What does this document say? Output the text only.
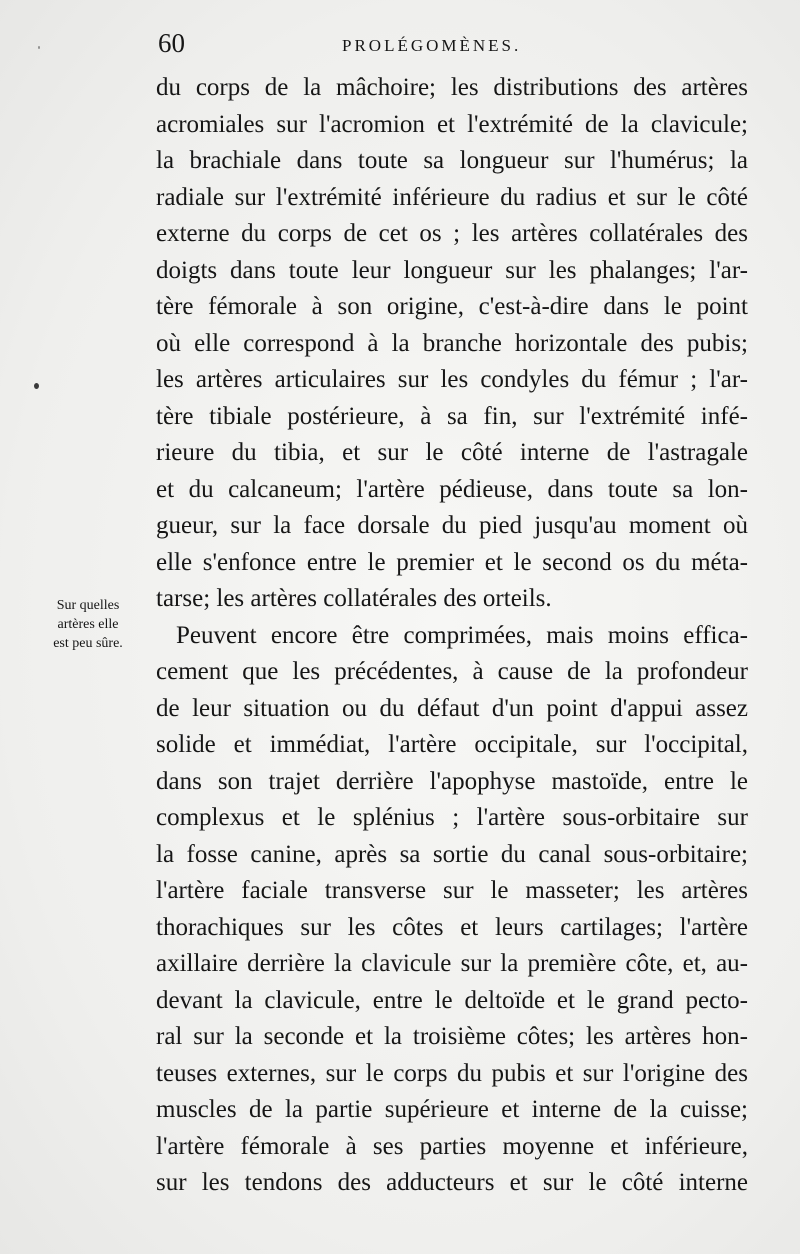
60	PROLÉGOMÈNES.
Sur quelles
artères elle
est peu sûre.
du corps de la mâchoire; les distributions des artères
acromiales sur l'acromion et l'extrémité de la clavicule;
la brachiale dans toute sa longueur sur l'humérus; la
radiale sur l'extrémité inférieure du radius et sur le côté
externe du corps de cet os ; les artères collatérales des
doigts dans toute leur longueur sur les phalanges; l'ar-
tère fémorale à son origine, c'est-à-dire dans le point
où elle correspond à la branche horizontale des pubis;
les artères articulaires sur les condyles du fémur ; l'ar-
tère tibiale postérieure, à sa fin, sur l'extrémité infé-
rieure du tibia, et sur le côté interne de l'astragale
et du calcaneum; l'artère pédieuse, dans toute sa lon-
gueur, sur la face dorsale du pied jusqu'au moment où
elle s'enfonce entre le premier et le second os du méta-
tarse; les artères collatérales des orteils.
Peuvent encore être comprimées, mais moins effica-
cement que les précédentes, à cause de la profondeur
de leur situation ou du défaut d'un point d'appui assez
solide et immédiat, l'artère occipitale, sur l'occipital,
dans son trajet derrière l'apophyse mastoïde, entre le
complexus et le splénius ; l'artère sous-orbitaire sur
la fosse canine, après sa sortie du canal sous-orbitaire;
l'artère faciale transverse sur le masseter; les artères
thorachiques sur les côtes et leurs cartilages; l'artère
axillaire derrière la clavicule sur la première côte, et, au-
devant la clavicule, entre le deltoïde et le grand pecto-
ral sur la seconde et la troisième côtes; les artères hon-
teuses externes, sur le corps du pubis et sur l'origine des
muscles de la partie supérieure et interne de la cuisse;
l'artère fémorale à ses parties moyenne et inférieure,
sur les tendons des adducteurs et sur le côté interne
